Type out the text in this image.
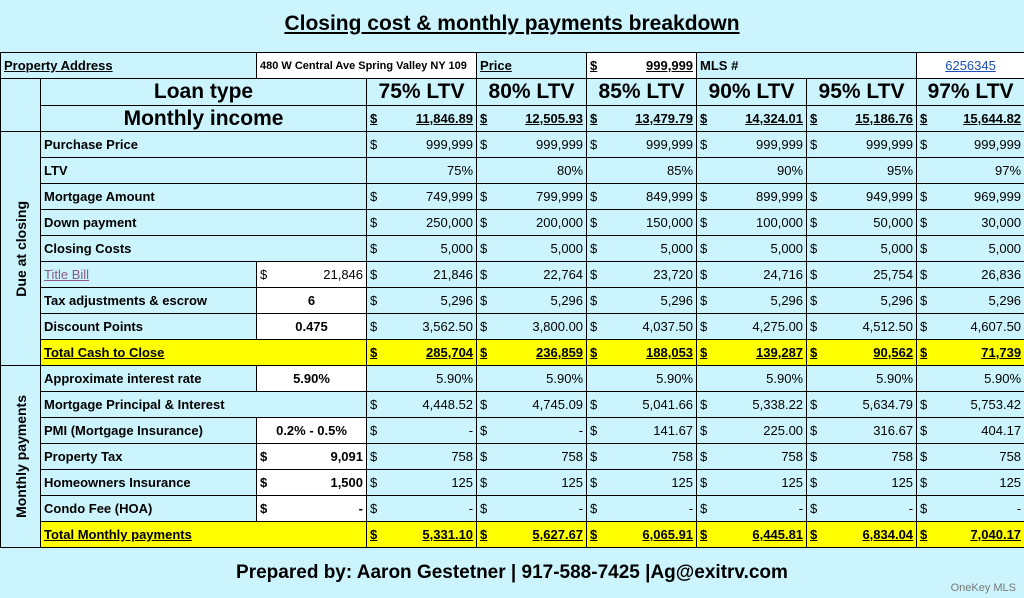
Closing cost & monthly payments breakdown
Property Address		480 W Central Ave Spring Valley NY 109		Price	$ 999,999	MLS #		6256345
	Loan type		75% LTV	80% LTV	85% LTV	90% LTV	95% LTV	97% LTV
	Monthly income		$ 11,846.89	$ 12,505.93	$ 13,479.79	$ 14,324.01	$ 15,186.76	$ 15,644.82

Due at closing	Purchase Price		$ 999,999	$ 999,999	$ 999,999	$ 999,999	$ 999,999	$ 999,999

	LTV		75%	80%	85%	90%	95%	97%
	Mortgage Amount		$ 749,999	$ 799,999	$ 849,999	$ 899,999	$ 949,999	$ 969,999

	Down payment		$ 250,000	$ 200,000	$ 150,000	$ 100,000	$ 50,000	$ 30,000

	Closing Costs		$ 5,000	$ 5,000	$ 5,000	$ 5,000	$ 5,000	$ 5,000

	Title Bill	$ 21,846	$ 21,846	$ 22,764	$ 23,720	$ 24,716	$ 25,754	$ 26,836

	Tax adjustments & escrow	6	$ 5,296	$ 5,296	$ 5,296	$ 5,296	$ 5,296	$ 5,296

	Discount Points	0.475	$ 3,562.50	$ 3,800.00	$ 4,037.50	$ 4,275.00	$ 4,512.50	$ 4,607.50

	Total Cash to Close		$ 285,704	$ 236,859	$ 188,053	$ 139,287	$ 90,562	$ 71,739

Monthly payments	Approximate interest rate	5.90%	5.90%	5.90%	5.90%	5.90%	5.90%	5.90%
	Mortgage Principal & Interest		$ 4,448.52	$ 4,745.09	$ 5,041.66	$ 5,338.22	$ 5,634.79	$ 5,753.42

	PMI (Mortgage Insurance)	0.2% - 0.5%	$ -	$ -	$ 141.67	$ 225.00	$ 316.67	$ 404.17

	Property Tax	$ 9,091	$ 758	$ 758	$ 758	$ 758	$ 758	$ 758

	Homeowners Insurance	$ 1,500	$ 125	$ 125	$ 125	$ 125	$ 125	$ 125

	Condo Fee (HOA)	$ -	$ -	$ -	$ -	$ -	$ -	$ -

	Total Monthly payments		$ 5,331.10	$ 5,627.67	$ 6,065.91	$ 6,445.81	$ 6,834.04	$ 7,040.17
Prepared by: Aaron Gestetner | 917-588-7425 |Ag@exitrv.com
OneKey MLS
